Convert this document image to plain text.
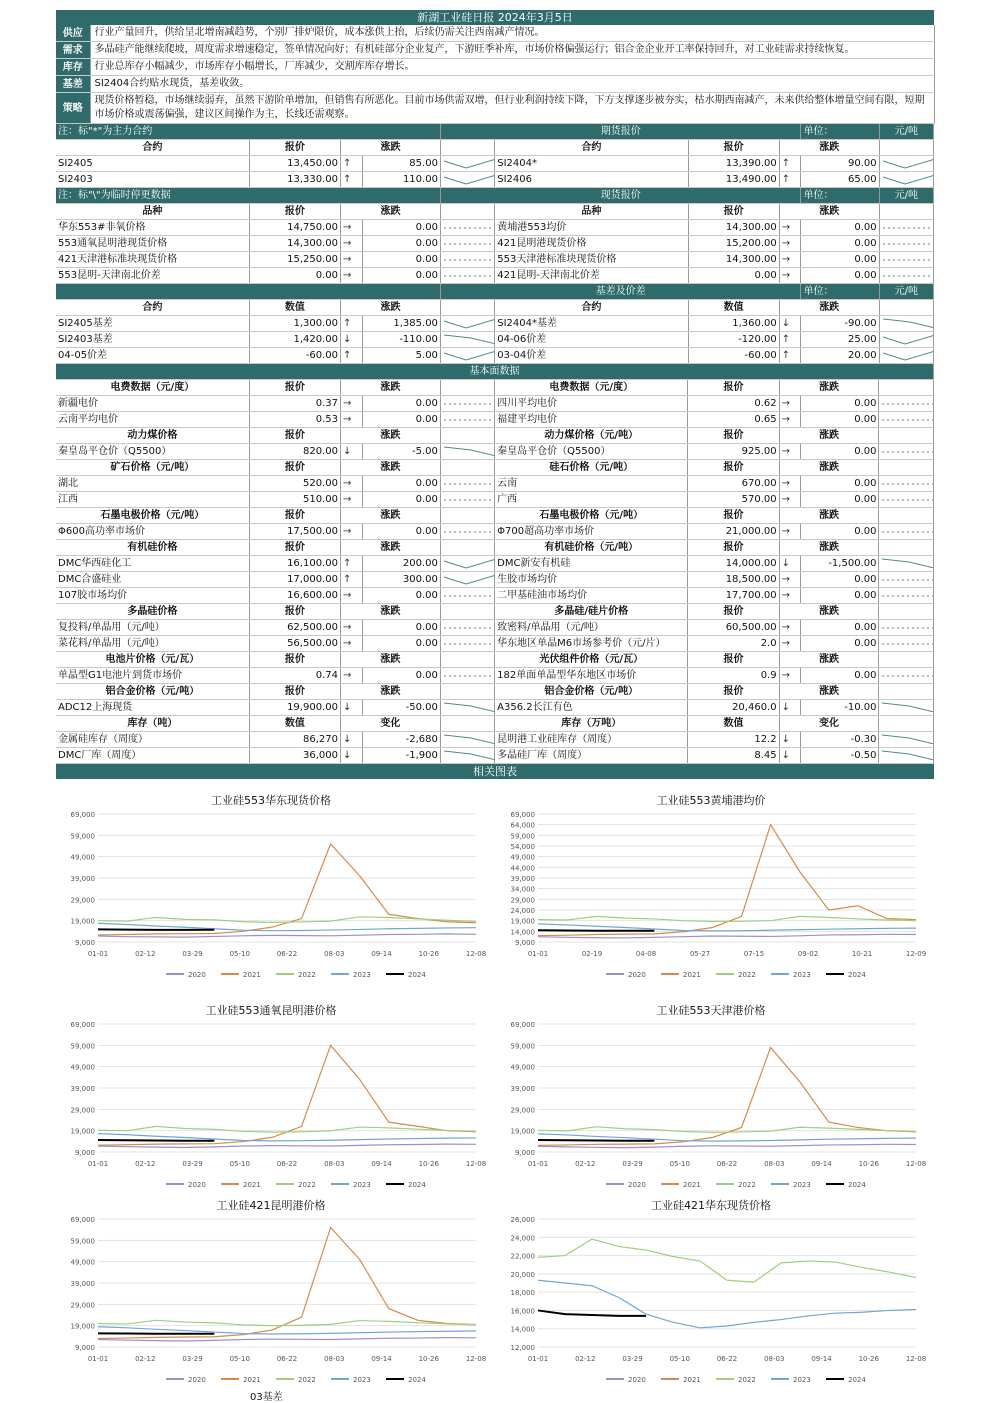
新湖工业硅日报 2024年3月5日
供应	行业产量回升，供给呈北增南减趋势，个别厂排炉限价，成本涨供上抬，后续仍需关注西南减产情况。
需求	多晶硅产能继续爬坡，周度需求增速稳定，签单情况向好；有机硅部分企业复产，下游旺季补库，市场价格偏强运行；铝合金企业开工率保持回升，对工业硅需求持续恢复。
库存	行业总库存小幅减少，市场库存小幅增长，厂库减少，交割库库存增长。
基差	SI2404合约贴水现货，基差收敛。
策略	现货价格暂稳，市场继续弱弃，虽然下游阶单增加，但销售有所恶化。目前市场供需双增，但行业利润持续下降，下方支撑逐步被夯实，枯水期西南减产，未来供给整体增量空间有限，短期市场价格或震荡偏强，建议区间操作为主，长线还需观察。
注：标"*"为主力合约				期货报价				单位：	元/吨
合约	报价	涨跌			合约	报价	涨跌		
SI2405	13,450.00	↑	85.00		SI2404*	13,390.00	↑	90.00	

SI2403	13,330.00	↑	110.00		SI2406	13,490.00	↑	65.00	
注：标"\"为临时停更数据				现货报价				单位：	元/吨
品种	报价	涨跌			品种	报价	涨跌		
华东553#非氧价格	14,750.00	→	0.00		黄埔港553均价	14,300.00	→	0.00	

553通氧昆明港现货价格	14,300.00	→	0.00		421昆明港现货价格	15,200.00	→	0.00	

421天津港标准块现货价格	15,250.00	→	0.00		553天津港标准块现货价格	14,300.00	→	0.00	

553昆明-天津南北价差	0.00	→	0.00		421昆明-天津南北价差	0.00	→	0.00	
				基差及价差				单位：	元/吨
合约	数值	涨跌			合约	数值	涨跌		
SI2405基差	1,300.00	↑	1,385.00		SI2404*基差	1,360.00	↓	-90.00	

SI2403基差	1,420.00	↓	-110.00		04-06价差	-120.00	↑	25.00	

04-05价差	-60.00	↑	5.00		03-04价差	-60.00	↑	20.00	
基本面数据									
电费数据（元/度）	报价	涨跌			电费数据（元/度）	报价	涨跌		
新疆电价	0.37	→	0.00		四川平均电价	0.62	→	0.00	

云南平均电价	0.53	→	0.00		福建平均电价	0.65	→	0.00	

动力煤价格	报价	涨跌			动力煤价格（元/吨）	报价	涨跌		
秦皇岛平仓价（Q5500）	820.00	↓	-5.00		秦皇岛平仓价（Q5500）	925.00	→	0.00	

矿石价格（元/吨）	报价	涨跌			硅石价格（元/吨）	报价	涨跌		
湖北	520.00	→	0.00		云南	670.00	→	0.00	

江西	510.00	→	0.00		广西	570.00	→	0.00	

石墨电极价格（元/吨）	报价	涨跌			石墨电极价格（元/吨）	报价	涨跌		
Φ600高功率市场价	17,500.00	→	0.00		Φ700超高功率市场价	21,000.00	→	0.00	

有机硅价格	报价	涨跌			有机硅价格（元/吨）	报价	涨跌		
DMC华西硅化工	16,100.00	↑	200.00		DMC新安有机硅	14,000.00	↓	-1,500.00	

DMC合盛硅业	17,000.00	↑	300.00		生胶市场均价	18,500.00	→	0.00	

107胶市场均价	16,600.00	→	0.00		二甲基硅油市场均价	17,700.00	→	0.00	

多晶硅价格	报价	涨跌			多晶硅/硅片价格	报价	涨跌		
复投料/单晶用（元/吨）	62,500.00	→	0.00		致密料/单晶用（元/吨）	60,500.00	→	0.00	

菜花料/单晶用（元/吨）	56,500.00	→	0.00		华东地区单晶M6市场参考价（元/片）	2.0	→	0.00	

电池片价格（元/瓦）	报价	涨跌			光伏组件价格（元/瓦）	报价	涨跌		
单晶型G1电池片到货市场价	0.74	→	0.00		182单面单晶型华东地区市场价	0.9	→	0.00	

铝合金价格（元/吨）	报价	涨跌			铝合金价格（元/吨）	报价	涨跌		
ADC12上海现货	19,900.00	↓	-50.00		A356.2长江有色	20,460.0	↓	-10.00	

库存（吨）	数值	变化			库存（万吨）	数值	变化		
金属硅库存（周度）	86,270	↓	-2,680		昆明港工业硅库存（周度）	12.2	↓	-0.30	

DMC厂库（周度）	36,000	↓	-1,900		多晶硅厂库（周度）	8.45	↓	-0.50	
相关图表
工业硅553华东现货价格
69,000
59,000
49,000
39,000
29,000
19,000
9,000
01-01	02-12	03-29	05-10	06-22	08-03	09-14	10-26	12-08
2020	2021	2022	2023	2024
工业硅553黄埔港均价
69,000
64,000
59,000
54,000
49,000
44,000
39,000
34,000
29,000
24,000
19,000
14,000
9,000
01-01	02-19	04-08	05-27	07-15	09-02	10-21	12-09
2020	2021	2022	2023	2024
工业硅553通氧昆明港价格
69,000
59,000
49,000
39,000
29,000
19,000
9,000
01-01	02-12	03-29	05-10	06-22	08-03	09-14	10-26	12-08
2020	2021	2022	2023	2024
工业硅553天津港价格
69,000
59,000
49,000
39,000
29,000
19,000
9,000
01-01	02-12	03-29	05-10	06-22	08-03	09-14	10-26	12-08
2020	2021	2022	2023	2024
工业硅421昆明港价格
69,000
59,000
49,000
39,000
29,000
19,000
9,000
01-01	02-12	03-29	05-10	06-22	08-03	09-14	10-26	12-08
2020	2021	2022	2023	2024
工业硅421华东现货价格
26,000
24,000
22,000
20,000
18,000
16,000
14,000
12,000
01-01	02-12	03-29	05-10	06-22	08-03	09-14	10-26	12-08
2020	2021	2022	2023	2024
03基差
